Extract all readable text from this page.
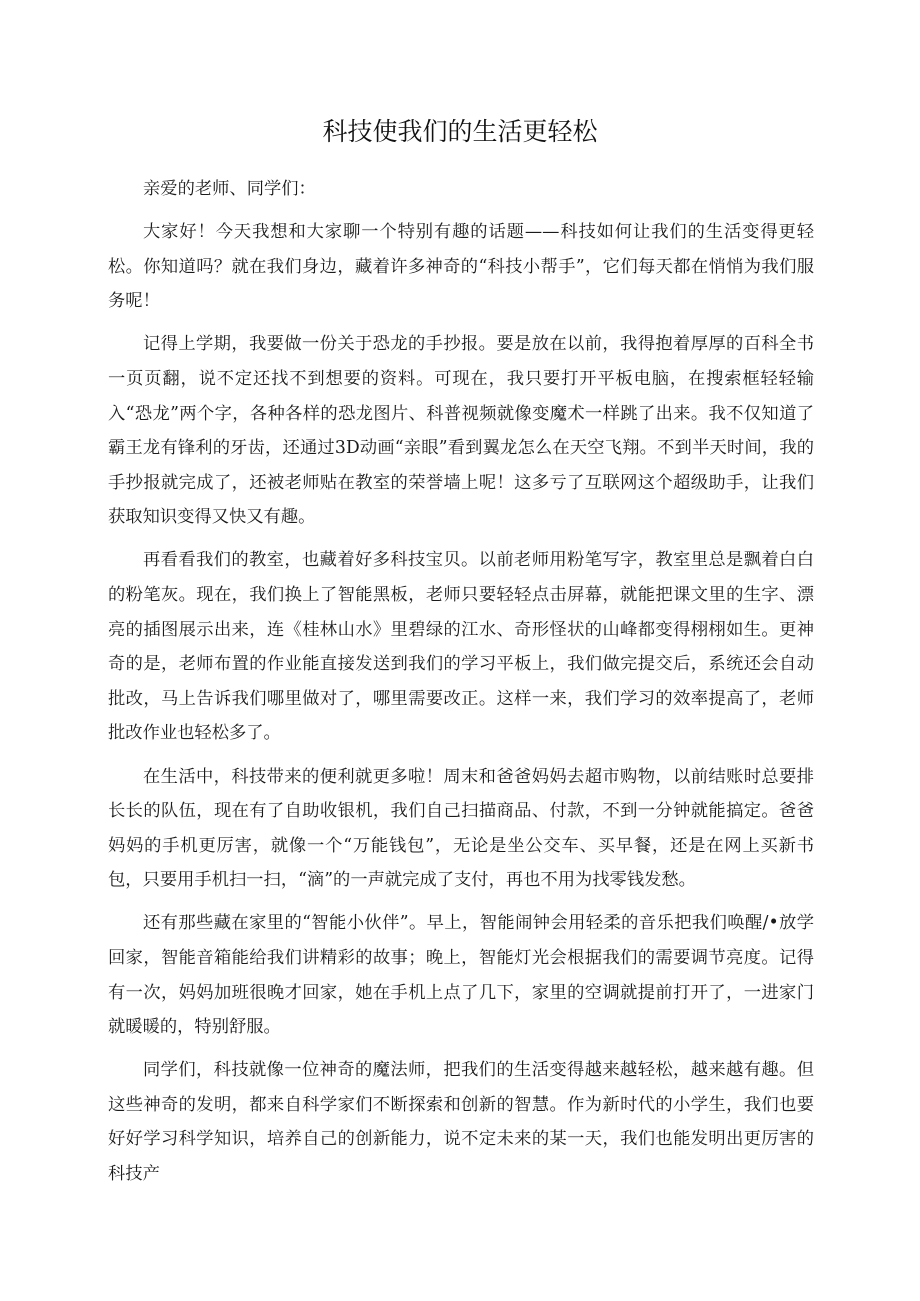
科技使我们的生活更轻松

亲爱的老师、同学们：

大家好！今天我想和大家聊一个特别有趣的话题——科技如何让我们的生活变得更轻松。你知道吗？就在我们身边，藏着许多神奇的“科技小帮手”，它们每天都在悄悄为我们服务呢！

记得上学期，我要做一份关于恐龙的手抄报。要是放在以前，我得抱着厚厚的百科全书一页页翻，说不定还找不到想要的资料。可现在，我只要打开平板电脑，在搜索框轻轻输入“恐龙”两个字，各种各样的恐龙图片、科普视频就像变魔术一样跳了出来。我不仅知道了霸王龙有锋利的牙齿，还通过3D动画“亲眼”看到翼龙怎么在天空飞翔。不到半天时间，我的手抄报就完成了，还被老师贴在教室的荣誉墙上呢！这多亏了互联网这个超级助手，让我们获取知识变得又快又有趣。

再看看我们的教室，也藏着好多科技宝贝。以前老师用粉笔写字，教室里总是飘着白白的粉笔灰。现在，我们换上了智能黑板，老师只要轻轻点击屏幕，就能把课文里的生字、漂亮的插图展示出来，连《桂林山水》里碧绿的江水、奇形怪状的山峰都变得栩栩如生。更神奇的是，老师布置的作业能直接发送到我们的学习平板上，我们做完提交后，系统还会自动批改，马上告诉我们哪里做对了，哪里需要改正。这样一来，我们学习的效率提高了，老师批改作业也轻松多了。

在生活中，科技带来的便利就更多啦！周末和爸爸妈妈去超市购物，以前结账时总要排长长的队伍，现在有了自助收银机，我们自己扫描商品、付款，不到一分钟就能搞定。爸爸妈妈的手机更厉害，就像一个“万能钱包”，无论是坐公交车、买早餐，还是在网上买新书包，只要用手机扫一扫，“滴”的一声就完成了支付，再也不用为找零钱发愁。

还有那些藏在家里的“智能小伙伴”。早上，智能闹钟会用轻柔的音乐把我们唤醒/•放学回家，智能音箱能给我们讲精彩的故事；晚上，智能灯光会根据我们的需要调节亮度。记得有一次，妈妈加班很晚才回家，她在手机上点了几下，家里的空调就提前打开了，一进家门就暖暖的，特别舒服。

同学们，科技就像一位神奇的魔法师，把我们的生活变得越来越轻松，越来越有趣。但这些神奇的发明，都来自科学家们不断探索和创新的智慧。作为新时代的小学生，我们也要好好学习科学知识，培养自己的创新能力，说不定未来的某一天，我们也能发明出更厉害的科技产
